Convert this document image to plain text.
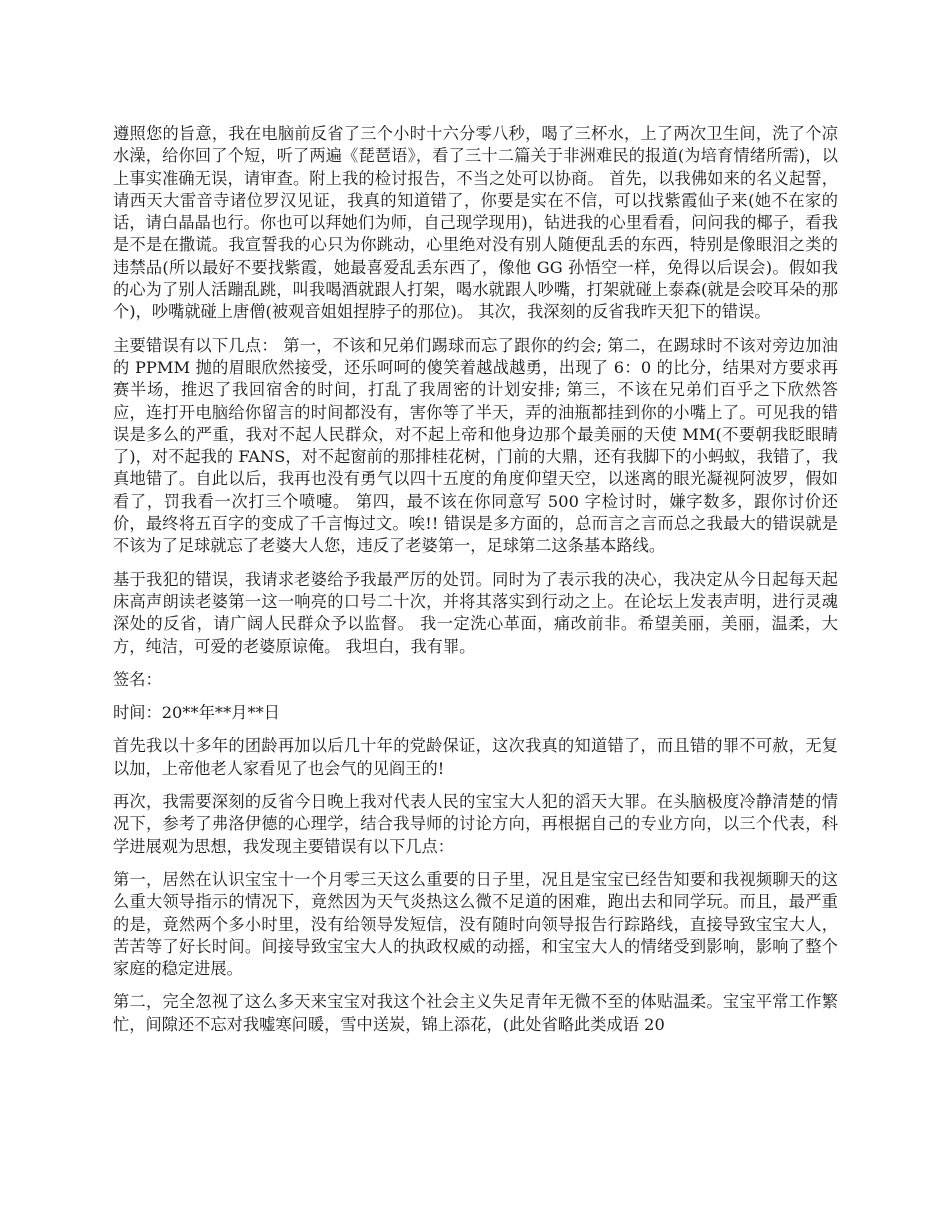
遵照您的旨意，我在电脑前反省了三个小时十六分零八秒，喝了三杯水，上了两次卫生间，洗了个凉水澡，给你回了个短，听了两遍《琵琶语》，看了三十二篇关于非洲难民的报道(为培育情绪所需)，以上事实准确无误，请审查。附上我的检讨报告，不当之处可以协商。 首先，以我佛如来的名义起誓，请西天大雷音寺诸位罗汉见证，我真的知道错了，你要是实在不信，可以找紫霞仙子来(她不在家的话，请白晶晶也行。你也可以拜她们为师，自己现学现用)，钻进我的心里看看，问问我的椰子，看我是不是在撒谎。我宣誓我的心只为你跳动，心里绝对没有别人随便乱丢的东西，特别是像眼泪之类的违禁品(所以最好不要找紫霞，她最喜爱乱丢东西了，像他 GG 孙悟空一样，免得以后误会)。假如我的心为了别人活蹦乱跳，叫我喝酒就跟人打架，喝水就跟人吵嘴，打架就碰上泰森(就是会咬耳朵的那个)，吵嘴就碰上唐僧(被观音姐姐捏脖子的那位)。 其次，我深刻的反省我昨天犯下的错误。

主要错误有以下几点： 第一，不该和兄弟们踢球而忘了跟你的约会; 第二，在踢球时不该对旁边加油的 PPMM 抛的眉眼欣然接受，还乐呵呵的傻笑着越战越勇，出现了 6：0 的比分，结果对方要求再赛半场，推迟了我回宿舍的时间，打乱了我周密的计划安排; 第三，不该在兄弟们百乎之下欣然答应，连打开电脑给你留言的时间都没有，害你等了半天，弄的油瓶都挂到你的小嘴上了。可见我的错误是多么的严重，我对不起人民群众，对不起上帝和他身边那个最美丽的天使 MM(不要朝我眨眼睛了)，对不起我的 FANS，对不起窗前的那排桂花树，门前的大鼎，还有我脚下的小蚂蚁，我错了，我真地错了。自此以后，我再也没有勇气以四十五度的角度仰望天空，以迷离的眼光凝视阿波罗，假如看了，罚我看一次打三个喷嚏。 第四，最不该在你同意写 500 字检讨时，嫌字数多，跟你讨价还价，最终将五百字的变成了千言悔过文。唉!! 错误是多方面的，总而言之言而总之我最大的错误就是不该为了足球就忘了老婆大人您，违反了老婆第一，足球第二这条基本路线。

基于我犯的错误，我请求老婆给予我最严厉的处罚。同时为了表示我的决心，我决定从今日起每天起床高声朗读老婆第一这一响亮的口号二十次，并将其落实到行动之上。在论坛上发表声明，进行灵魂深处的反省，请广阔人民群众予以监督。 我一定洗心革面，痛改前非。希望美丽，美丽，温柔，大方，纯洁，可爱的老婆原谅俺。 我坦白，我有罪。

签名：

时间：20**年**月**日

首先我以十多年的团龄再加以后几十年的党龄保证，这次我真的知道错了，而且错的罪不可赦，无复以加，上帝他老人家看见了也会气的见阎王的!

再次，我需要深刻的反省今日晚上我对代表人民的宝宝大人犯的滔天大罪。在头脑极度冷静清楚的情况下，参考了弗洛伊德的心理学，结合我导师的讨论方向，再根据自己的专业方向，以三个代表，科学进展观为思想，我发现主要错误有以下几点：

第一，居然在认识宝宝十一个月零三天这么重要的日子里，况且是宝宝已经告知要和我视频聊天的这么重大领导指示的情况下，竟然因为天气炎热这么微不足道的困难，跑出去和同学玩。而且，最严重的是，竟然两个多小时里，没有给领导发短信，没有随时向领导报告行踪路线，直接导致宝宝大人，苦苦等了好长时间。间接导致宝宝大人的执政权威的动摇，和宝宝大人的情绪受到影响，影响了整个家庭的稳定进展。

第二，完全忽视了这么多天来宝宝对我这个社会主义失足青年无微不至的体贴温柔。宝宝平常工作繁忙，间隙还不忘对我嘘寒问暖，雪中送炭，锦上添花，(此处省略此类成语 20
